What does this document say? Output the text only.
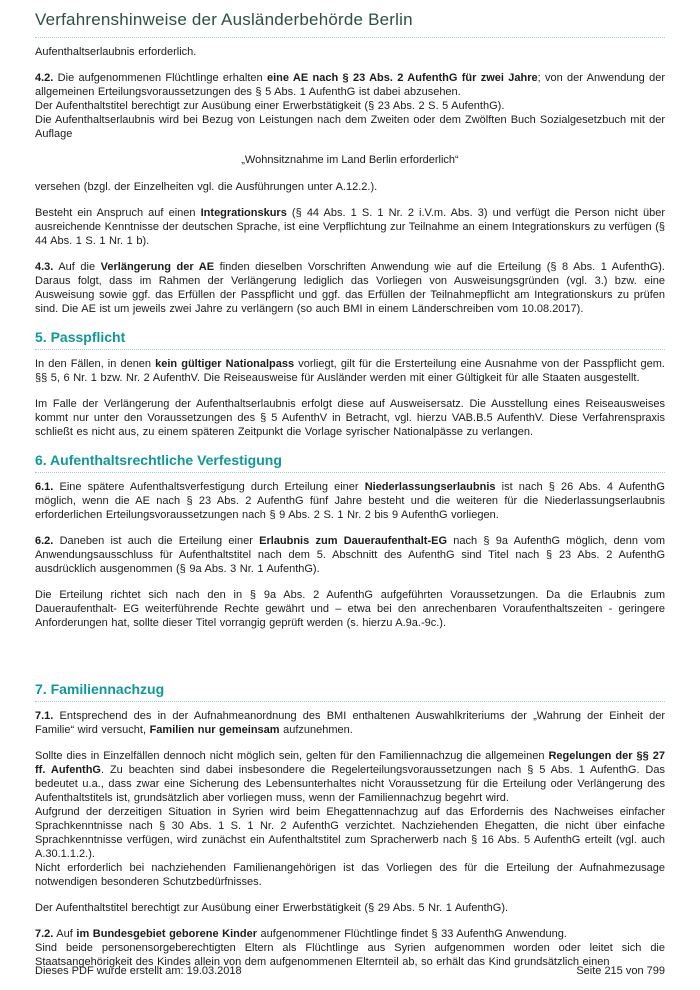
Verfahrenshinweise der Ausländerbehörde Berlin

Aufenthaltserlaubnis erforderlich.

4.2. Die aufgenommenen Flüchtlinge erhalten eine AE nach § 23 Abs. 2 AufenthG für zwei Jahre; von der Anwendung der allgemeinen Erteilungsvoraussetzungen des § 5 Abs. 1 AufenthG ist dabei abzusehen.
Der Aufenthaltstitel berechtigt zur Ausübung einer Erwerbstätigkeit (§ 23 Abs. 2 S. 5 AufenthG).
Die Aufenthaltserlaubnis wird bei Bezug von Leistungen nach dem Zweiten oder dem Zwölften Buch Sozialgesetzbuch mit der Auflage

„Wohnsitznahme im Land Berlin erforderlich“

versehen (bzgl. der Einzelheiten vgl. die Ausführungen unter A.12.2.).

Besteht ein Anspruch auf einen Integrationskurs (§ 44 Abs. 1 S. 1 Nr. 2 i.V.m. Abs. 3) und verfügt die Person nicht über ausreichende Kenntnisse der deutschen Sprache, ist eine Verpflichtung zur Teilnahme an einem Integrationskurs zu verfügen (§ 44 Abs. 1 S. 1 Nr. 1 b).

4.3. Auf die Verlängerung der AE finden dieselben Vorschriften Anwendung wie auf die Erteilung (§ 8 Abs. 1 AufenthG). Daraus folgt, dass im Rahmen der Verlängerung lediglich das Vorliegen von Ausweisungsgründen (vgl. 3.) bzw. eine Ausweisung sowie ggf. das Erfüllen der Passpflicht und ggf. das Erfüllen der Teilnahmepflicht am Integrationskurs zu prüfen sind. Die AE ist um jeweils zwei Jahre zu verlängern (so auch BMI in einem Länderschreiben vom 10.08.2017).

5. Passpflicht

In den Fällen, in denen kein gültiger Nationalpass vorliegt, gilt für die Ersterteilung eine Ausnahme von der Passpflicht gem. §§ 5, 6 Nr. 1 bzw. Nr. 2 AufenthV. Die Reiseausweise für Ausländer werden mit einer Gültigkeit für alle Staaten ausgestellt.

Im Falle der Verlängerung der Aufenthaltserlaubnis erfolgt diese auf Ausweisersatz. Die Ausstellung eines Reiseausweises kommt nur unter den Voraussetzungen des § 5 AufenthV in Betracht, vgl. hierzu VAB.B.5 AufenthV. Diese Verfahrenspraxis schließt es nicht aus, zu einem späteren Zeitpunkt die Vorlage syrischer Nationalpässe zu verlangen.

6. Aufenthaltsrechtliche Verfestigung

6.1. Eine spätere Aufenthaltsverfestigung durch Erteilung einer Niederlassungserlaubnis ist nach § 26 Abs. 4 AufenthG möglich, wenn die AE nach § 23 Abs. 2 AufenthG fünf Jahre besteht und die weiteren für die Niederlassungserlaubnis erforderlichen Erteilungsvoraussetzungen nach § 9 Abs. 2 S. 1 Nr. 2 bis 9 AufenthG vorliegen.

6.2. Daneben ist auch die Erteilung einer Erlaubnis zum Daueraufenthalt-EG nach § 9a AufenthG möglich, denn vom Anwendungsausschluss für Aufenthaltstitel nach dem 5. Abschnitt des AufenthG sind Titel nach § 23 Abs. 2 AufenthG ausdrücklich ausgenommen (§ 9a Abs. 3 Nr. 1 AufenthG).

Die Erteilung richtet sich nach den in § 9a Abs. 2 AufenthG aufgeführten Voraussetzungen. Da die Erlaubnis zum Daueraufenthalt- EG weiterführende Rechte gewährt und – etwa bei den anrechenbaren Voraufenthaltszeiten - geringere Anforderungen hat, sollte dieser Titel vorrangig geprüft werden (s. hierzu A.9a.-9c.).

7. Familiennachzug

7.1. Entsprechend des in der Aufnahmeanordnung des BMI enthaltenen Auswahlkriteriums der „Wahrung der Einheit der Familie“ wird versucht, Familien nur gemeinsam aufzunehmen.

Sollte dies in Einzelfällen dennoch nicht möglich sein, gelten für den Familiennachzug die allgemeinen Regelungen der §§ 27 ff. AufenthG. Zu beachten sind dabei insbesondere die Regelerteilungsvoraussetzungen nach § 5 Abs. 1 AufenthG. Das bedeutet u.a., dass zwar eine Sicherung des Lebensunterhaltes nicht Voraussetzung für die Erteilung oder Verlängerung des Aufenthaltstitels ist, grundsätzlich aber vorliegen muss, wenn der Familiennachzug begehrt wird.
Aufgrund der derzeitigen Situation in Syrien wird beim Ehegattennachzug auf das Erfordernis des Nachweises einfacher Sprachkenntnisse nach § 30 Abs. 1 S. 1 Nr. 2 AufenthG verzichtet. Nachziehenden Ehegatten, die nicht über einfache Sprachkenntnisse verfügen, wird zunächst ein Aufenthaltstitel zum Spracherwerb nach § 16 Abs. 5 AufenthG erteilt (vgl. auch A.30.1.1.2.).
Nicht erforderlich bei nachziehenden Familienangehörigen ist das Vorliegen des für die Erteilung der Aufnahmezusage notwendigen besonderen Schutzbedürfnisses.

Der Aufenthaltstitel berechtigt zur Ausübung einer Erwerbstätigkeit (§ 29 Abs. 5 Nr. 1 AufenthG).

7.2. Auf im Bundesgebiet geborene Kinder aufgenommener Flüchtlinge findet § 33 AufenthG Anwendung.
Sind beide personensorgeberechtigten Eltern als Flüchtlinge aus Syrien aufgenommen worden oder leitet sich die Staatsangehörigkeit des Kindes allein von dem aufgenommenen Elternteil ab, so erhält das Kind grundsätzlich einen

Dieses PDF wurde erstellt am: 19.03.2018	Seite 215 von 799
